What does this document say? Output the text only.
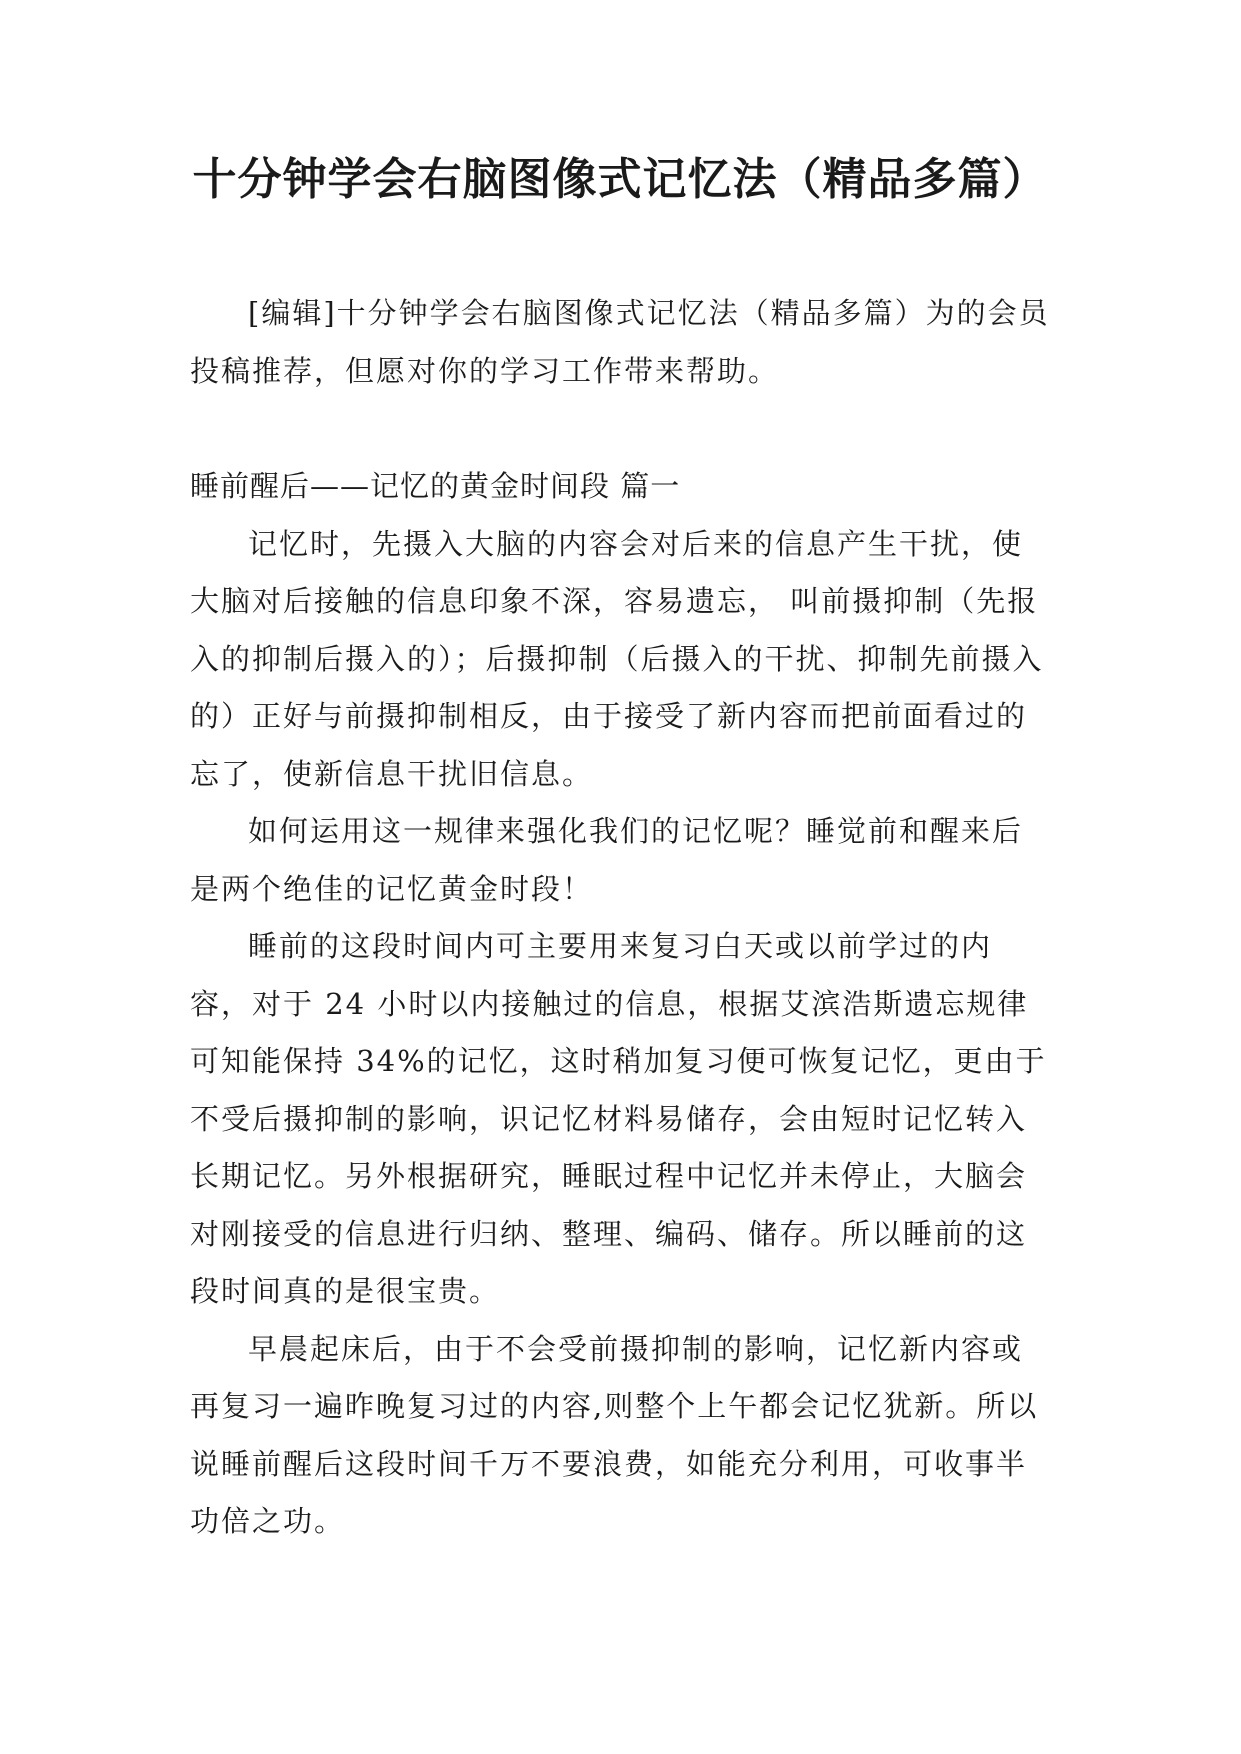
十分钟学会右脑图像式记忆法（精品多篇）

[编辑]十分钟学会右脑图像式记忆法（精品多篇）为的会员投稿推荐，但愿对你的学习工作带来帮助。

睡前醒后——记忆的黄金时间段 篇一

记忆时，先摄入大脑的内容会对后来的信息产生干扰，使大脑对后接触的信息印象不深，容易遗忘， 叫前摄抑制（先报入的抑制后摄入的）；后摄抑制（后摄入的干扰、抑制先前摄入的）正好与前摄抑制相反，由于接受了新内容而把前面看过的忘了，使新信息干扰旧信息。

如何运用这一规律来强化我们的记忆呢？睡觉前和醒来后是两个绝佳的记忆黄金时段！

睡前的这段时间内可主要用来复习白天或以前学过的内容，对于 24 小时以内接触过的信息，根据艾滨浩斯遗忘规律可知能保持 34%的记忆，这时稍加复习便可恢复记忆，更由于不受后摄抑制的影响，识记忆材料易储存，会由短时记忆转入长期记忆。另外根据研究，睡眠过程中记忆并未停止，大脑会对刚接受的信息进行归纳、整理、编码、储存。所以睡前的这段时间真的是很宝贵。

早晨起床后，由于不会受前摄抑制的影响，记忆新内容或再复习一遍昨晚复习过的内容,则整个上午都会记忆犹新。所以说睡前醒后这段时间千万不要浪费，如能充分利用，可收事半功倍之功。
